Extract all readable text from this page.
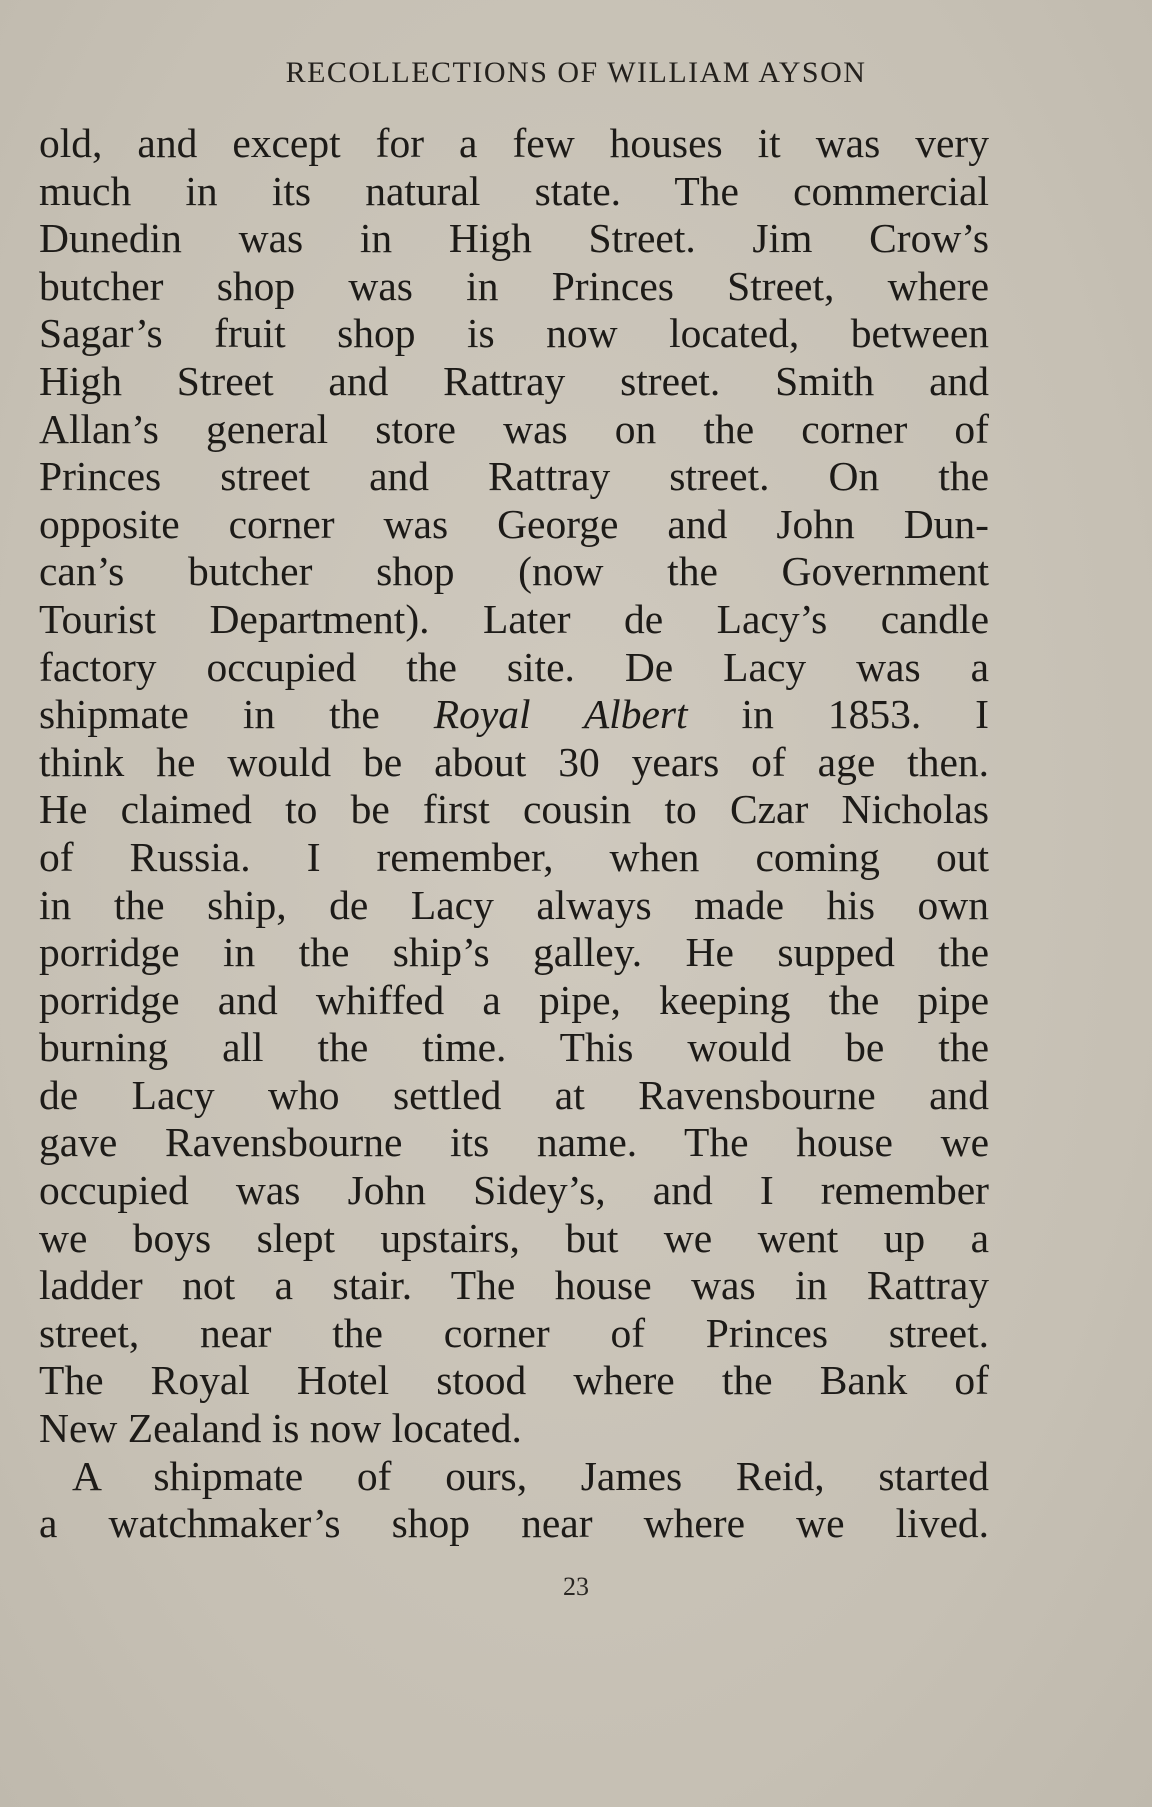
RECOLLECTIONS OF WILLIAM AYSON
old, and except for a few houses it was very
much in its natural state. The commercial
Dunedin was in High Street. Jim Crow’s
butcher shop was in Princes Street, where
Sagar’s fruit shop is now located, between
High Street and Rattray street. Smith and
Allan’s general store was on the corner of
Princes street and Rattray street. On the
opposite corner was George and John Dun-
can’s butcher shop (now the Government
Tourist Department). Later de Lacy’s candle
factory occupied the site. De Lacy was a
shipmate in the Royal Albert in 1853. I
think he would be about 30 years of age then.
He claimed to be first cousin to Czar Nicholas
of Russia. I remember, when coming out
in the ship, de Lacy always made his own
porridge in the ship’s galley. He supped the
porridge and whiffed a pipe, keeping the pipe
burning all the time. This would be the
de Lacy who settled at Ravensbourne and
gave Ravensbourne its name. The house we
occupied was John Sidey’s, and I remember
we boys slept upstairs, but we went up a
ladder not a stair. The house was in Rattray
street, near the corner of Princes street.
The Royal Hotel stood where the Bank of
New Zealand is now located.
A shipmate of ours, James Reid, started
a watchmaker’s shop near where we lived.
23
